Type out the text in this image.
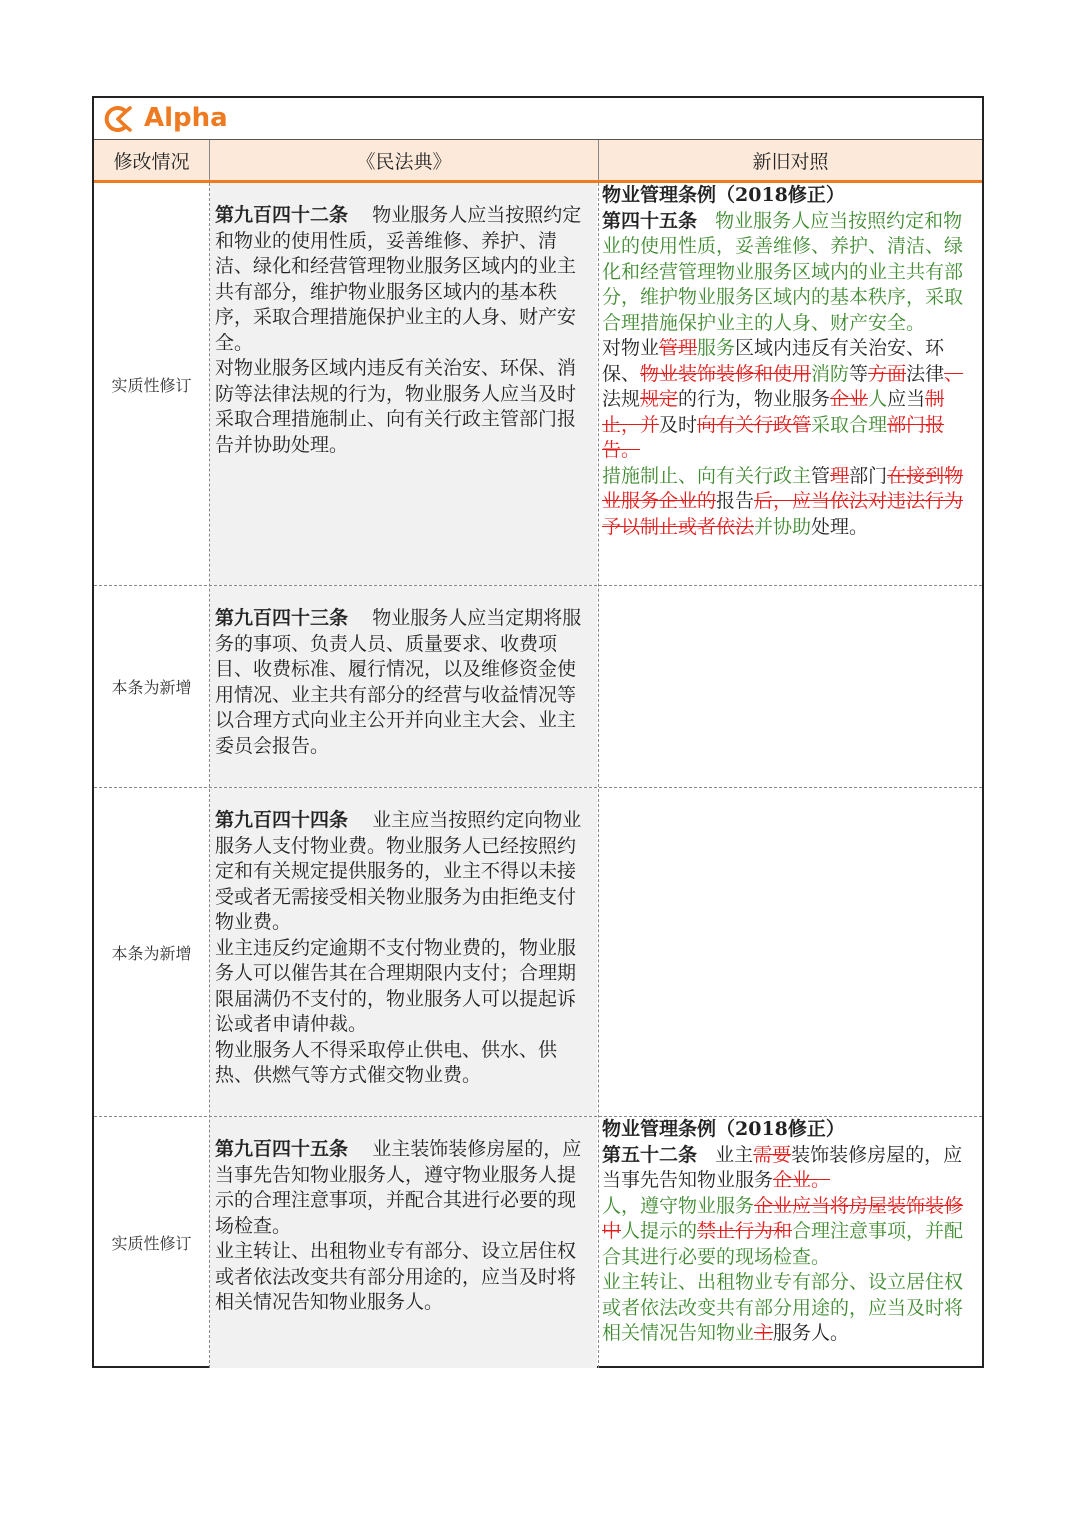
Alpha
修改情况	《民法典》	新旧对照
实质性修订

第九百四十二条 物业服务人应当按照约定和物业的使用性质，妥善维修、养护、清洁、绿化和经营管理物业服务区域内的业主共有部分，维护物业服务区域内的基本秩序，采取合理措施保护业主的人身、财产安全。

对物业服务区域内违反有关治安、环保、消防等法律法规的行为，物业服务人应当及时采取合理措施制止、向有关行政主管部门报告并协助处理。

物业管理条例（2018修正）

第四十五条 物业服务人应当按照约定和物业的使用性质，妥善维修、养护、清洁、绿化和经营管理物业服务区域内的业主共有部分，维护物业服务区域内的基本秩序，采取合理措施保护业主的人身、财产安全。

对物业管理服务区域内违反有关治安、环保、物业装饰装修和使用消防等方面法律、法规规定的行为，物业服务企业人应当制止，并及时向有关行政管采取合理部门报告。

措施制止、向有关行政主管理部门在接到物业服务企业的报告后，应当依法对违法行为予以制止或者依法并协助处理。

本条为新增

第九百四十三条 物业服务人应当定期将服务的事项、负责人员、质量要求、收费项目、收费标准、履行情况，以及维修资金使用情况、业主共有部分的经营与收益情况等以合理方式向业主公开并向业主大会、业主委员会报告。

本条为新增

第九百四十四条 业主应当按照约定向物业服务人支付物业费。物业服务人已经按照约定和有关规定提供服务的，业主不得以未接受或者无需接受相关物业服务为由拒绝支付物业费。

业主违反约定逾期不支付物业费的，物业服务人可以催告其在合理期限内支付；合理期限届满仍不支付的，物业服务人可以提起诉讼或者申请仲裁。

物业服务人不得采取停止供电、供水、供热、供燃气等方式催交物业费。

实质性修订

第九百四十五条 业主装饰装修房屋的，应当事先告知物业服务人，遵守物业服务人提示的合理注意事项，并配合其进行必要的现场检查。

业主转让、出租物业专有部分、设立居住权或者依法改变共有部分用途的，应当及时将相关情况告知物业服务人。

物业管理条例（2018修正）

第五十二条 业主需要装饰装修房屋的，应当事先告知物业服务企业。

人，遵守物业服务企业应当将房屋装饰装修中人提示的禁止行为和合理注意事项，并配合其进行必要的现场检查。

业主转让、出租物业专有部分、设立居住权或者依法改变共有部分用途的，应当及时将相关情况告知物业主服务人。
